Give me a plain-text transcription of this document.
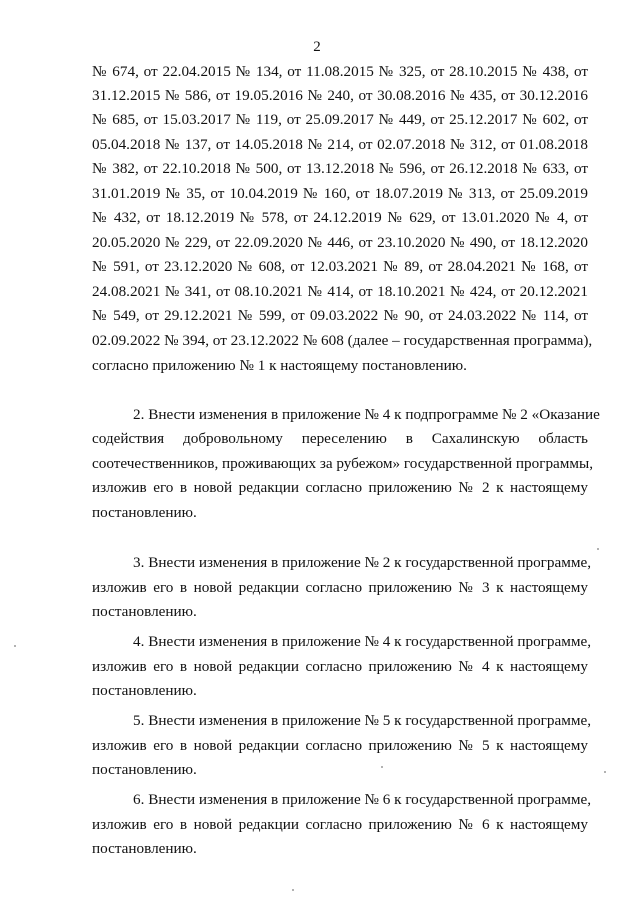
2
№ 674, от 22.04.2015 № 134, от 11.08.2015 № 325, от 28.10.2015 № 438, от
31.12.2015 № 586, от 19.05.2016 № 240, от 30.08.2016 № 435, от 30.12.2016
№ 685, от 15.03.2017 № 119, от 25.09.2017 № 449, от 25.12.2017 № 602, от
05.04.2018 № 137, от 14.05.2018 № 214, от 02.07.2018 № 312, от 01.08.2018
№ 382, от 22.10.2018 № 500, от 13.12.2018 № 596, от 26.12.2018 № 633, от
31.01.2019 № 35, от 10.04.2019 № 160, от 18.07.2019 № 313, от 25.09.2019
№ 432, от 18.12.2019 № 578, от 24.12.2019 № 629, от 13.01.2020 № 4, от
20.05.2020 № 229, от 22.09.2020 № 446, от 23.10.2020 № 490, от 18.12.2020
№ 591, от 23.12.2020 № 608, от 12.03.2021 № 89, от 28.04.2021 № 168, от
24.08.2021 № 341, от 08.10.2021 № 414, от 18.10.2021 № 424, от 20.12.2021
№ 549, от 29.12.2021 № 599, от 09.03.2022 № 90, от 24.03.2022 № 114, от
02.09.2022 № 394, от 23.12.2022 № 608 (далее – государственная программа),
согласно приложению № 1 к настоящему постановлению.
2. Внести изменения в приложение № 4 к подпрограмме № 2 «Оказание
содействия добровольному переселению в Сахалинскую область
соотечественников, проживающих за рубежом» государственной программы,
изложив его в новой редакции согласно приложению № 2 к настоящему
постановлению.
3. Внести изменения в приложение № 2 к государственной программе,
изложив его в новой редакции согласно приложению № 3 к настоящему
постановлению.
4. Внести изменения в приложение № 4 к государственной программе,
изложив его в новой редакции согласно приложению № 4 к настоящему
постановлению.
5. Внести изменения в приложение № 5 к государственной программе,
изложив его в новой редакции согласно приложению № 5 к настоящему
постановлению.
6. Внести изменения в приложение № 6 к государственной программе,
изложив его в новой редакции согласно приложению № 6 к настоящему
постановлению.
